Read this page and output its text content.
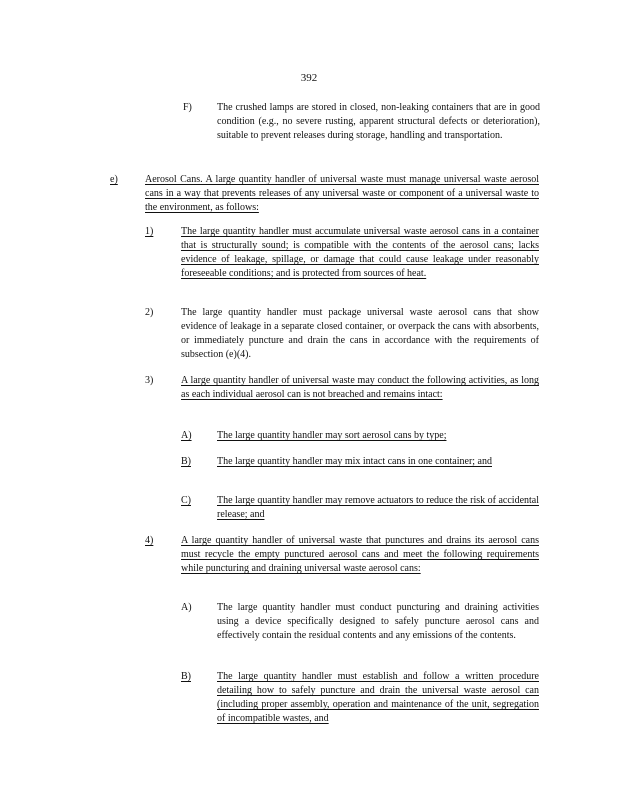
392
F)	The crushed lamps are stored in closed, non-leaking containers that are in good condition (e.g., no severe rusting, apparent structural defects or deterioration), suitable to prevent releases during storage, handling and transportation.
e)	Aerosol Cans. A large quantity handler of universal waste must manage universal waste aerosol cans in a way that prevents releases of any universal waste or component of a universal waste to the environment, as follows:
1)	The large quantity handler must accumulate universal waste aerosol cans in a container that is structurally sound; is compatible with the contents of the aerosol cans; lacks evidence of leakage, spillage, or damage that could cause leakage under reasonably foreseeable conditions; and is protected from sources of heat.
2)	The large quantity handler must package universal waste aerosol cans that show evidence of leakage in a separate closed container, or overpack the cans with absorbents, or immediately puncture and drain the cans in accordance with the requirements of subsection (e)(4).
3)	A large quantity handler of universal waste may conduct the following activities, as long as each individual aerosol can is not breached and remains intact:
A)	The large quantity handler may sort aerosol cans by type;
B)	The large quantity handler may mix intact cans in one container; and
C)	The large quantity handler may remove actuators to reduce the risk of accidental release; and
4)	A large quantity handler of universal waste that punctures and drains its aerosol cans must recycle the empty punctured aerosol cans and meet the following requirements while puncturing and draining universal waste aerosol cans:
A)	The large quantity handler must conduct puncturing and draining activities using a device specifically designed to safely puncture aerosol cans and effectively contain the residual contents and any emissions of the contents.
B)	The large quantity handler must establish and follow a written procedure detailing how to safely puncture and drain the universal waste aerosol can (including proper assembly, operation and maintenance of the unit, segregation of incompatible wastes, and
